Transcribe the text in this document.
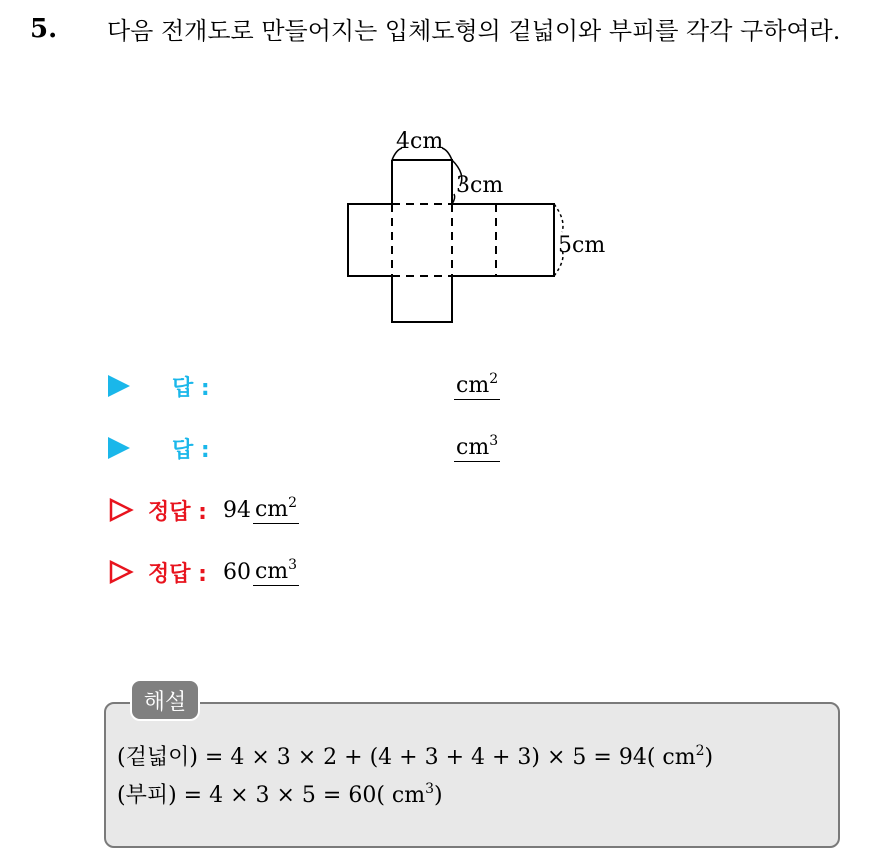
5. 다음 전개도로 만들어지는 입체도형의 겉넓이와 부피를 각각 구하여라.
4cm
3cm
5cm
답 :	$cm^2$
답 :	$cm^3$
정답 : 94 $cm^2$
정답 : 60 $cm^3$
해설
(겉넓이) = 4 × 3 × 2 + (4 + 3 + 4 + 3) × 5 = 94( $cm^2$)
(부피) = 4 × 3 × 5 = 60( $cm^3$)
